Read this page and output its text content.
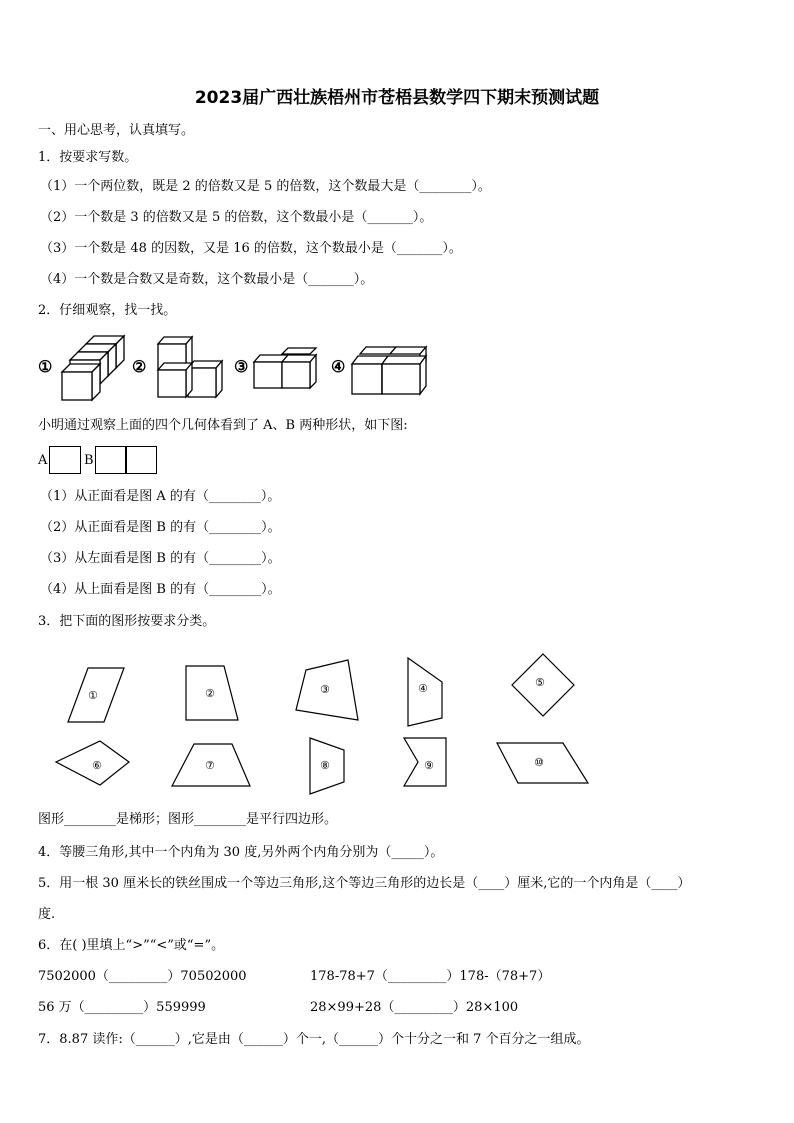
2023届广西壮族梧州市苍梧县数学四下期末预测试题
一、用心思考，认真填写。
1．按要求写数。
（1）一个两位数，既是 2 的倍数又是 5 的倍数，这个数最大是（________）。
（2）一个数是 3 的倍数又是 5 的倍数，这个数最小是（_______）。
（3）一个数是 48 的因数，又是 16 的倍数，这个数最小是（_______）。
（4）一个数是合数又是奇数，这个数最小是（_______）。
2．仔细观察，找一找。
①	②	③	④
小明通过观察上面的四个几何体看到了 A、B 两种形状，如下图:
A	B
（1）从正面看是图 A 的有（________）。
（2）从正面看是图 B 的有（________）。
（3）从左面看是图 B 的有（________）。
（4）从上面看是图 B 的有（________）。
3．把下面的图形按要求分类。
①	②	③	④	⑤
⑥	⑦	⑧	⑨	⑩
图形________是梯形；图形________是平行四边形。
4．等腰三角形,其中一个内角为 30 度,另外两个内角分别为（_____）。
5．用一根 30 厘米长的铁丝围成一个等边三角形,这个等边三角形的边长是（____）厘米,它的一个内角是（____）
度.
6．在( )里填上“>”“<”或“=”。
7502000（_________）70502000	178-78+7（_________）178-（78+7）
56 万（_________）559999	28×99+28（_________）28×100
7．8.87 读作:（______）,它是由（______）个一,（______）个十分之一和 7 个百分之一组成。
